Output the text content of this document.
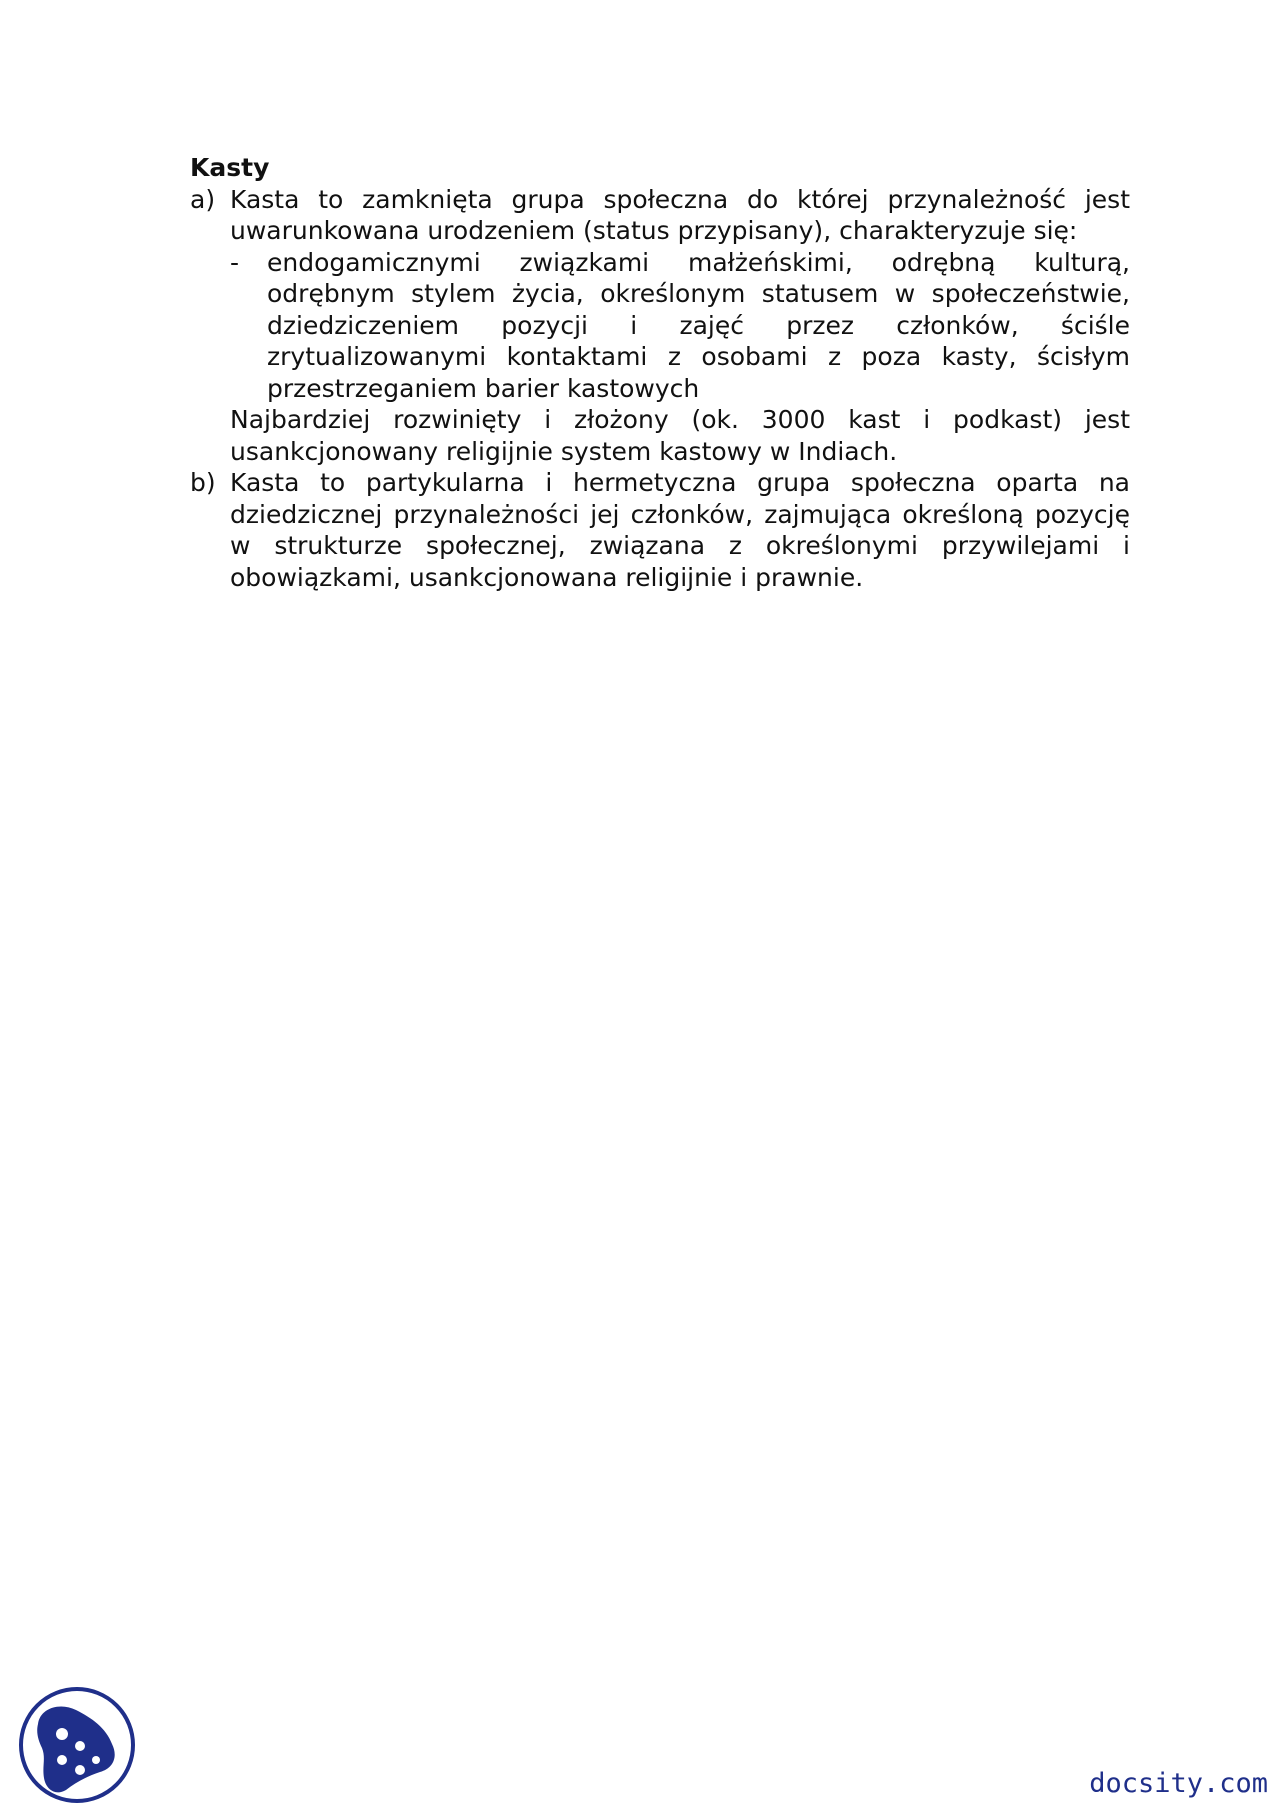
Kasty
a) Kasta to zamknięta grupa społeczna do której przynależność jest uwarunkowana urodzeniem (status przypisany), charakteryzuje się:
-	endogamicznymi związkami małżeńskimi, odrębną kulturą, odrębnym stylem życia, określonym statusem w społeczeństwie, dziedziczeniem pozycji i zajęć przez członków, ściśle zrytualizowanymi kontaktami z osobami z poza kasty, ścisłym przestrzeganiem barier kastowych
Najbardziej rozwinięty i złożony (ok. 3000 kast i podkast) jest usankcjonowany religijnie system kastowy w Indiach.
b) Kasta to partykularna i hermetyczna grupa społeczna oparta na dziedzicznej przynależności jej członków, zajmująca określoną pozycję w strukturze społecznej, związana z określonymi przywilejami i obowiązkami, usankcjonowana religijnie i prawnie.
docsity.com
